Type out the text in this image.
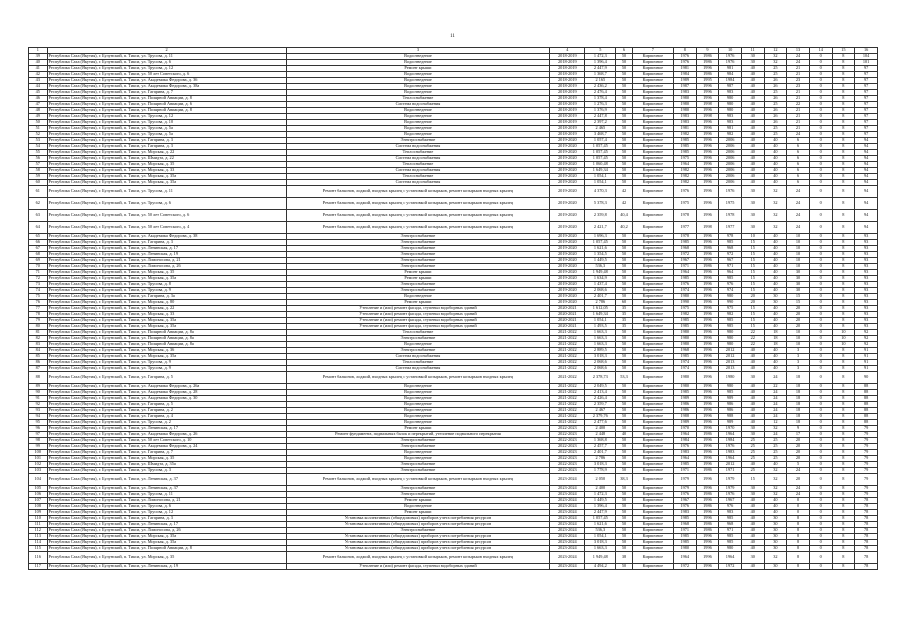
11
1	2	3	4	5	6	7	8	9	10	11	12	13	14	15	16
39	Республика Саха (Якутия), г. Булунский, п. Тикси, ул. Трусова, д. 11	Водоотведение	2018-2019	1 472,3	50	Кирпичное	1976	1986	1976	30	32	24	0	8	104
40	Республика Саха (Якутия), г. Булунский, п. Тикси, ул. Трусова, д. 6	Водоотведение	2018-2019	1 396,4	50	Кирпичное	1976	1986	1976	30	32	24	0	8	101
41	Республика Саха (Якутия), г. Булунский, п. Тикси, ул. Трусова, д. 12	Ремонт крыши	2018-2019	2 447,9	50	Кирпичное	1981	1996	981	40	25	21	0	8	97
42	Республика Саха (Якутия), г. Булунский, п. Тикси, ул. 50 лет Советского, д. 6	Водоотведение	2018-2019	1 368,7	50	Кирпичное	1984	1986	984	40	25	21	0	8	97
43	Республика Саха (Якутия), г. Булунский, п. Тикси, ул. Академика Федорова, д. 36	Водоотведение	2018-2019	2 165	50	Кирпичное	1989	1995	1984	40	26	23	0	8	97
44	Республика Саха (Якутия), г. Булунский, п. Тикси, ул. Академика Федорова, д. 38а	Водоотведение	2018-2019	2 436,2	50	Кирпичное	1987	1996	987	40	26	23	0	8	97
45	Республика Саха (Якутия), г. Булунский, п. Тикси, ул. Гагарина, д. 7	Водоотведение	2018-2019	2 476,4	50	Кирпичное	1983	1996	983	40	25	21	0	8	97
46	Республика Саха (Якутия), г. Булунский, п. Тикси, ул. Полярной Авиации, д. 8	Теплоснабжение	2018-2019	1 378,4	50	Кирпичное	1980	1996	980	40	26	21	0	8	97
47	Республика Саха (Якутия), г. Булунский, п. Тикси, ул. Полярной Авиации, д. 6	Система водоснабжения	2018-2019	1 276,3	50	Кирпичное	1980	1998	980	40	25	22	0	8	97
48	Республика Саха (Якутия), г. Булунский, п. Тикси, ул. Полярной Авиации, д. 8	Водоотведение	2018-2019	1 376,9	50	Кирпичное	1980	1996	980	40	26	21	0	8	97
49	Республика Саха (Якутия), г. Булунский, п. Тикси, ул. Трусова, д. 12	Водоотведение	2018-2019	2 447,8	50	Кирпичное	1983	1998	983	40	26	21	0	8	97
50	Республика Саха (Якутия), г. Булунский, п. Тикси, ул. Трусова, д. 10	Водоотведение	2018-2019	2 397,2	50	Кирпичное	1983	1996	983	40	26	21	0	8	97
51	Республика Саха (Якутия), г. Булунский, п. Тикси, ул. Трусова, д. 5а	Водоотведение	2018-2019	2 465	50	Кирпичное	1981	1996	981	40	25	21	0	8	97
52	Республика Саха (Якутия), г. Булунский, п. Тикси, ул. Трусова, д. 5а	Водоотведение	2018-2019	3 468,7	50	Кирпичное	1982	1996	982	40	25	24	0	8	97
53	Республика Саха (Якутия), г. Булунский, п. Тикси, ул. Гагарина, д. 3	Электроснабжение	2019-2020	1 057,4	50	Кирпичное	1985	1996	2006	40	40	6	0	8	94
54	Республика Саха (Якутия), г. Булунский, п. Тикси, ул. Гагарина, д. 3	Система водоснабжения	2019-2020	1 057,45	50	Кирпичное	1985	1996	2006	40	40	6	0	8	94
55	Республика Саха (Якутия), г. Булунский, п. Тикси, ул. Морская, д. 22	Теплоснабжение	2019-2020	1 057,45	50	Кирпичное	1985	1996	2006	40	40	6	0	8	94
56	Республика Саха (Якутия), г. Булунский, п. Тикси, ул. Шмидта, д. 22	Система водоснабжения	2019-2020	1 057,45	50	Кирпичное	1975	1996	2006	40	40	6	0	8	94
57	Республика Саха (Якутия), г. Булунский, п. Тикси, ул. Морская, д. 35	Теплоснабжение	2019-2020	1 060,48	50	Кирпичное	1964	1996	2006	40	40	6	0	8	94
58	Республика Саха (Якутия), г. Булунский, п. Тикси, ул. Морская, д. 33	Система водоснабжения	2019-2020	1 649,34	50	Кирпичное	1982	1996	2006	40	40	6	0	8	94
59	Республика Саха (Якутия), г. Булунский, п. Тикси, ул. Морская, д. 35а	Теплоснабжение	2019-2020	1 054,1	50	Кирпичное	1982	1996	2006	40	40	6	0	8	94
60	Республика Саха (Якутия), г. Булунский, п. Тикси, ул. Морская, д. 35а	Система водоснабжения	2019-2020	1 054,1	50	Кирпичное	1982	1996	2006	40	40	6	0	8	94
61	Республика Саха (Якутия), г. Булунский, п. Тикси, ул. Трусова, д. 11	Ремонт балконов, лоджий, входных крылец с установкой козырьков, ремонт козырьков входных крылец	2019-2020	4 370,3	42	Кирпичное	1976	1996	1976	30	32	24	0	8	94
62	Республика Саха (Якутия), г. Булунский, п. Тикси, ул. Трусова, д. 6	Ремонт балконов, лоджий, входных крылец с установкой козырьков, ремонт козырьков входных крылец	2019-2020	5 378,3	42	Кирпичное	1975	1996	1975	30	32	24	0	8	94
63	Республика Саха (Якутия), г. Булунский, п. Тикси, ул. 50 лет Советского, д. 6	Ремонт балконов, лоджий, входных крылец с установкой козырьков, ремонт козырьков входных крылец	2019-2020	2 359,8	40,4	Кирпичное	1978	1996	1978	30	32	24	0	8	94
64	Республика Саха (Якутия), г. Булунский, п. Тикси, ул. 50 лет Советского, д. 4	Ремонт балконов, лоджий, входных крылец с установкой козырьков, ремонт козырьков входных крылец	2019-2020	2 421,7	40,2	Кирпичное	1977	1998	1977	30	32	24	0	8	94
65	Республика Саха (Якутия), г. Булунский, п. Тикси, ул. Академика Федорова, д. 38	Электроснабжение	2019-2020	1 696,3	50	Кирпичное	1978	1996	978	10	40	10	0	8	93
66	Республика Саха (Якутия), г. Булунский, п. Тикси, ул. Гагарина, д. 3	Электроснабжение	2019-2020	1 057,45	50	Кирпичное	1985	1996	985	15	40	10	0	8	93
67	Республика Саха (Якутия), г. Булунский, п. Тикси, ул. Ленинская, д. 17	Электроснабжение	2019-2020	1 621,6	50	Кирпичное	1968	1986	968	15	40	10	0	8	93
68	Республика Саха (Якутия), г. Булунский, п. Тикси, ул. Ленинская, д. 19	Электроснабжение	2019-2020	1 354,5	50	Кирпичное	1972	1996	972	15	40	10	0	8	93
69	Республика Саха (Якутия), г. Булунский, п. Тикси, ул. Ломоносова, д. 21	Электроснабжение	2019-2020	1 449,5	50	Кирпичное	1967	1996	967	15	40	10	0	8	93
70	Республика Саха (Якутия), г. Булунский, п. Тикси, ул. Ломоносова, д. 26	Электроснабжение	2019-2020	536,3	50	Кирпичное	1971	1986	971	15	40	10	0	8	93
71	Республика Саха (Якутия), г. Булунский, п. Тикси, ул. Морская, д. 35	Ремонт крыши	2019-2020	1 949,48	50	Кирпичное	1964	1996	964	15	40	30	0	8	93
72	Республика Саха (Якутия), г. Булунский, п. Тикси, ул. Морская, д. 35а	Ремонт крыши	2019-2020	1 634,9	50	Кирпичное	1985	1996	985	15	40	30	0	8	93
73	Республика Саха (Якутия), г. Булунский, п. Тикси, ул. Трусова, д. 8	Электроснабжение	2019-2020	1 437,4	50	Кирпичное	1976	1996	976	15	40	30	0	8	93
74	Республика Саха (Якутия), г. Булунский, п. Тикси, ул. Трусова, д. 9	Электроснабжение	2019-2020	2 068,6	50	Кирпичное	1974	1996	974	15	40	30	0	8	93
75	Республика Саха (Якутия), г. Булунский, п. Тикси, ул. Гагарина, д. 3а	Водоотведение	2019-2020	2 401,7	50	Кирпичное	1980	1996	980	20	30	15	0	8	93
76	Республика Саха (Якутия), г. Булунский, п. Тикси, ул. Морская, д. 80	Ремонт крыши	2019-2020	2 786	60	Кирпичное	1990	1996	990	20	30	15	0	8	93
77	Республика Саха (Якутия), г. Булунский, п. Тикси, ул. Морская, д. 22	Утепление и (или) ремонт фасада, ступеньи водоборных зданий	2020-2021	1 612,05	35	Кирпичное	1975	1996	975	15	40	20	0	8	93
78	Республика Саха (Якутия), г. Булунский, п. Тикси, ул. Морская, д. 33	Утепление и (или) ремонт фасада, ступеньи водоборных зданий	2020-2021	1 649,34	35	Кирпичное	1982	1996	982	15	40	20	0	8	93
79	Республика Саха (Якутия), г. Булунский, п. Тикси, ул. Морская, д. 35а	Утепление и (или) ремонт фасада, ступеньи водоборных зданий	2020-2021	1 054,1	35	Кирпичное	1985	1996	985	15	40	20	0	8	93
80	Республика Саха (Якутия), г. Булунский, п. Тикси, ул. Морская, д. 35а	Утепление и (или) ремонт фасада, ступеньи водоборных зданий	2020-2021	1 493,5	35	Кирпичное	1985	1996	985	15	40	20	0	8	93
81	Республика Саха (Якутия), г. Булунский, п. Тикси, ул. Полярной Авиации, д. 8а	Теплоснабжение	2021-2022	1 663,3	50	Кирпичное	1980	1996	980	22	18	10	0	10	92
82	Республика Саха (Якутия), г. Булунский, п. Тикси, ул. Полярной Авиации, д. 8а	Электроснабжение	2021-2022	1 663,3	50	Кирпичное	1980	1996	980	22	18	10	0	10	92
83	Республика Саха (Якутия), г. Булунский, п. Тикси, ул. Полярной Авиации, д. 8а	Водоотведение	2021-2022	1 663,3	50	Кирпичное	1980	1996	980	22	18	10	0	10	92
84	Республика Саха (Якутия), г. Булунский, п. Тикси, ул. Морская, д. 36	Электроснабжение	2021-2022	2 889,5	50	Кирпичное	1968	1996	2012	40	40	3	0	8	91
85	Республика Саха (Якутия), г. Булунский, п. Тикси, ул. Морская, д. 35а	Система водоснабжения	2021-2022	3 018,3	50	Кирпичное	1985	1996	2012	40	40	3	0	8	91
86	Республика Саха (Якутия), г. Булунский, п. Тикси, ул. Трусова, д. 9	Теплоснабжение	2021-2022	2 068,6	50	Кирпичное	1974	1996	2013	40	40	3	0	8	91
87	Республика Саха (Якутия), г. Булунский, п. Тикси, ул. Трусова, д. 9	Система водоснабжения	2021-2022	2 068,6	50	Кирпичное	1974	1996	2013	40	40	3	0	8	91
88	Республика Саха (Якутия), г. Булунский, п. Тикси, ул. Гагарина, д. 5	Ремонт балконов, лоджий, входных крылец с установкой козырьков, ремонт козырьков входных крылец	2021-2022	2 378,73	53,3	Кирпичное	1980	1996	1980	30	24	18	0	8	90
89	Республика Саха (Якутия), г. Булунский, п. Тикси, ул. Академика Федорова, д. 26а	Водоотведение	2021-2022	2 049,5	50	Кирпичное	1980	1996	980	40	22	18	0	8	88
90	Республика Саха (Якутия), г. Булунский, п. Тикси, ул. Академика Федорова, д. 28	Водоотведение	2021-2022	2 413,4	50	Кирпичное	1985	1996	985	40	24	18	0	8	88
91	Республика Саха (Якутия), г. Булунский, п. Тикси, ул. Академика Федорова, д. 30	Водоотведение	2021-2022	2 426,4	50	Кирпичное	1989	1996	989	40	24	18	0	8	88
92	Республика Саха (Якутия), г. Булунский, п. Тикси, ул. Гагарина, д. 5	Водоотведение	2021-2022	2 359,7	50	Кирпичное	1986	1996	986	40	24	18	0	8	88
93	Республика Саха (Якутия), г. Булунский, п. Тикси, ул. Гагарина, д. 2	Водоотведение	2021-2022	2 467	50	Кирпичное	1986	1996	986	40	24	18	0	8	88
94	Республика Саха (Якутия), г. Булунский, п. Тикси, ул. Гагарина, д. 4	Водоотведение	2021-2022	2 379,76	50	Кирпичное	1988	1996	988	40	24	18	0	8	88
95	Республика Саха (Якутия), г. Булунский, п. Тикси, ул. Трусова, д. 2	Водоотведение	2021-2022	2 477,6	50	Кирпичное	1989	1996	989	40	12	18	0	8	88
96	Республика Саха (Якутия), г. Булунский, п. Тикси, ул. Ленинская, д. 17	Ремонт крыши	2022-2023	2 400	50	Кирпичное	1970	1996	1970	30	32	9	0	8	79
97	Республика Саха (Якутия), г. Булунский, п. Тикси, ул. Академика Федорова, д. 26	Ремонт фундамента, подвальных балок и перекрытий, утепление подвального перекрытия	2022-2023	2 448	40	Кирпичное	1964	1986	1964	30	24	17	0	8	79
98	Республика Саха (Якутия), г. Булунский, п. Тикси, ул. 50 лет Советского, д. 10	Электроснабжение	2022-2023	1 368,8	50	Кирпичное	1984	1996	1984	25	25	20	0	8	79
99	Республика Саха (Якутия), г. Булунский, п. Тикси, ул. Академика Федорова, д. 24	Электроснабжение	2022-2023	2 457,7	50	Кирпичное	1976	1996	1976	25	25	20	0	8	79
100	Республика Саха (Якутия), г. Булунский, п. Тикси, ул. Гагарина, д. 7	Водоотведение	2022-2023	2 401,7	50	Кирпичное	1983	1996	1983	25	25	20	0	8	79
101	Республика Саха (Якутия), г. Булунский, п. Тикси, ул. Морская, д. 35	Водоотведение	2022-2023	2 786	50	Кирпичное	1964	1996	1964	25	25	20	0	8	79
102	Республика Саха (Якутия), г. Булунский, п. Тикси, ул. Шмидта, д. 35а	Электроснабжение	2022-2023	3 018,3	50	Кирпичное	1985	1996	2012	40	40	5	0	8	79
103	Республика Саха (Якутия), г. Булунский, п. Тикси, ул. Трусова, д. 3	Электроснабжение	2022-2023	1 778,9	50	Кирпичное	1971	1986	1971	25	32	24	0	8	79
104	Республика Саха (Якутия), г. Булунский, п. Тикси, ул. Ленинская, д. 37	Ремонт балконов, лоджий, входных крылец с установкой козырьков, ремонт козырьков входных крылец	2023-2024	2 050	38,3	Кирпичное	1979	1996	1979	15	32	20	0	8	79
105	Республика Саха (Якутия), г. Булунский, п. Тикси, ул. Ленинская, д. 37	Электроснабжение	2023-2024	2 400	50	Кирпичное	1979	1996	1979	30	32	24	0	8	79
106	Республика Саха (Якутия), г. Булунский, п. Тикси, ул. Трусова, д. 11	Электроснабжение	2023-2024	1 472,3	50	Кирпичное	1976	1986	1976	30	32	24	0	8	79
107	Республика Саха (Якутия), г. Булунский, п. Тикси, ул. Ломоносова, д. 21	Ремонт крыши	2023-2024	1 449,5	50	Кирпичное	1967	1996	1967	40	40	0	0	8	78
108	Республика Саха (Якутия), г. Булунский, п. Тикси, ул. Трусова, д. 6	Водоотведение	2023-2024	1 396,4	50	Кирпичное	1976	1986	976	40	40	0	0	8	78
109	Республика Саха (Якутия), г. Булунский, п. Тикси, ул. Трусова, д. 12	Ремонт крыши	2023-2024	2 447,9	50	Кирпичное	1983	1996	983	40	40	0	0	8	78
110	Республика Саха (Якутия), г. Булунский, п. Тикси, ул. Гагарина, д. 3	Установка коллективных (общедомовых) приборов учета потребления ресурсов	2023-2024	1 057,45	50	Кирпичное	1985	1996	985	40	30	8	0	8	78
111	Республика Саха (Якутия), г. Булунский, п. Тикси, ул. Ленинская, д. 17	Установка коллективных (общедомовых) приборов учета потребления ресурсов	2023-2024	1 621,6	50	Кирпичное	1968	1986	968	40	30	8	0	8	78
112	Республика Саха (Якутия), г. Булунский, п. Тикси, ул. Ломоносова, д. 26	Электроснабжение	2023-2024	536,3	50	Кирпичное	1971	1986	971	40	30	8	0	8	78
113	Республика Саха (Якутия), г. Булунский, п. Тикси, ул. Морская, д. 35а	Установка коллективных (общедомовых) приборов учета потребления ресурсов	2023-2024	1 054,1	50	Кирпичное	1985	1996	985	40	30	8	0	8	78
114	Республика Саха (Якутия), г. Булунский, п. Тикси, ул. Морская, д. 35а	Установка коллективных (общедомовых) приборов учета потребления ресурсов	2023-2024	3 018,3	50	Кирпичное	1985	1996	985	40	30	8	0	8	78
115	Республика Саха (Якутия), г. Булунский, п. Тикси, ул. Полярной Авиации, д. 8	Установка коллективных (общедомовых) приборов учета потребления ресурсов	2023-2024	1 663,3	50	Кирпичное	1980	1996	980	40	30	8	0	8	78
116	Республика Саха (Якутия), г. Булунский, п. Тикси, ул. Морская, д. 35	Ремонт балконов, лоджий, входных крылец с установкой козырьков, ремонт козырьков входных крылец	2023-2024	1 949,48	38	Кирпичное	1964	1996	1964	30	32	8	0	8	78
117	Республика Саха (Якутия), г. Булунский, п. Тикси, ул. Ленинская, д. 19	Утепление и (или) ремонт фасада, ступеньи водоборных зданий	2023-2024	4 494,2	50	Кирпичное	1972	1996	1972	40	30	8	0	8	78
